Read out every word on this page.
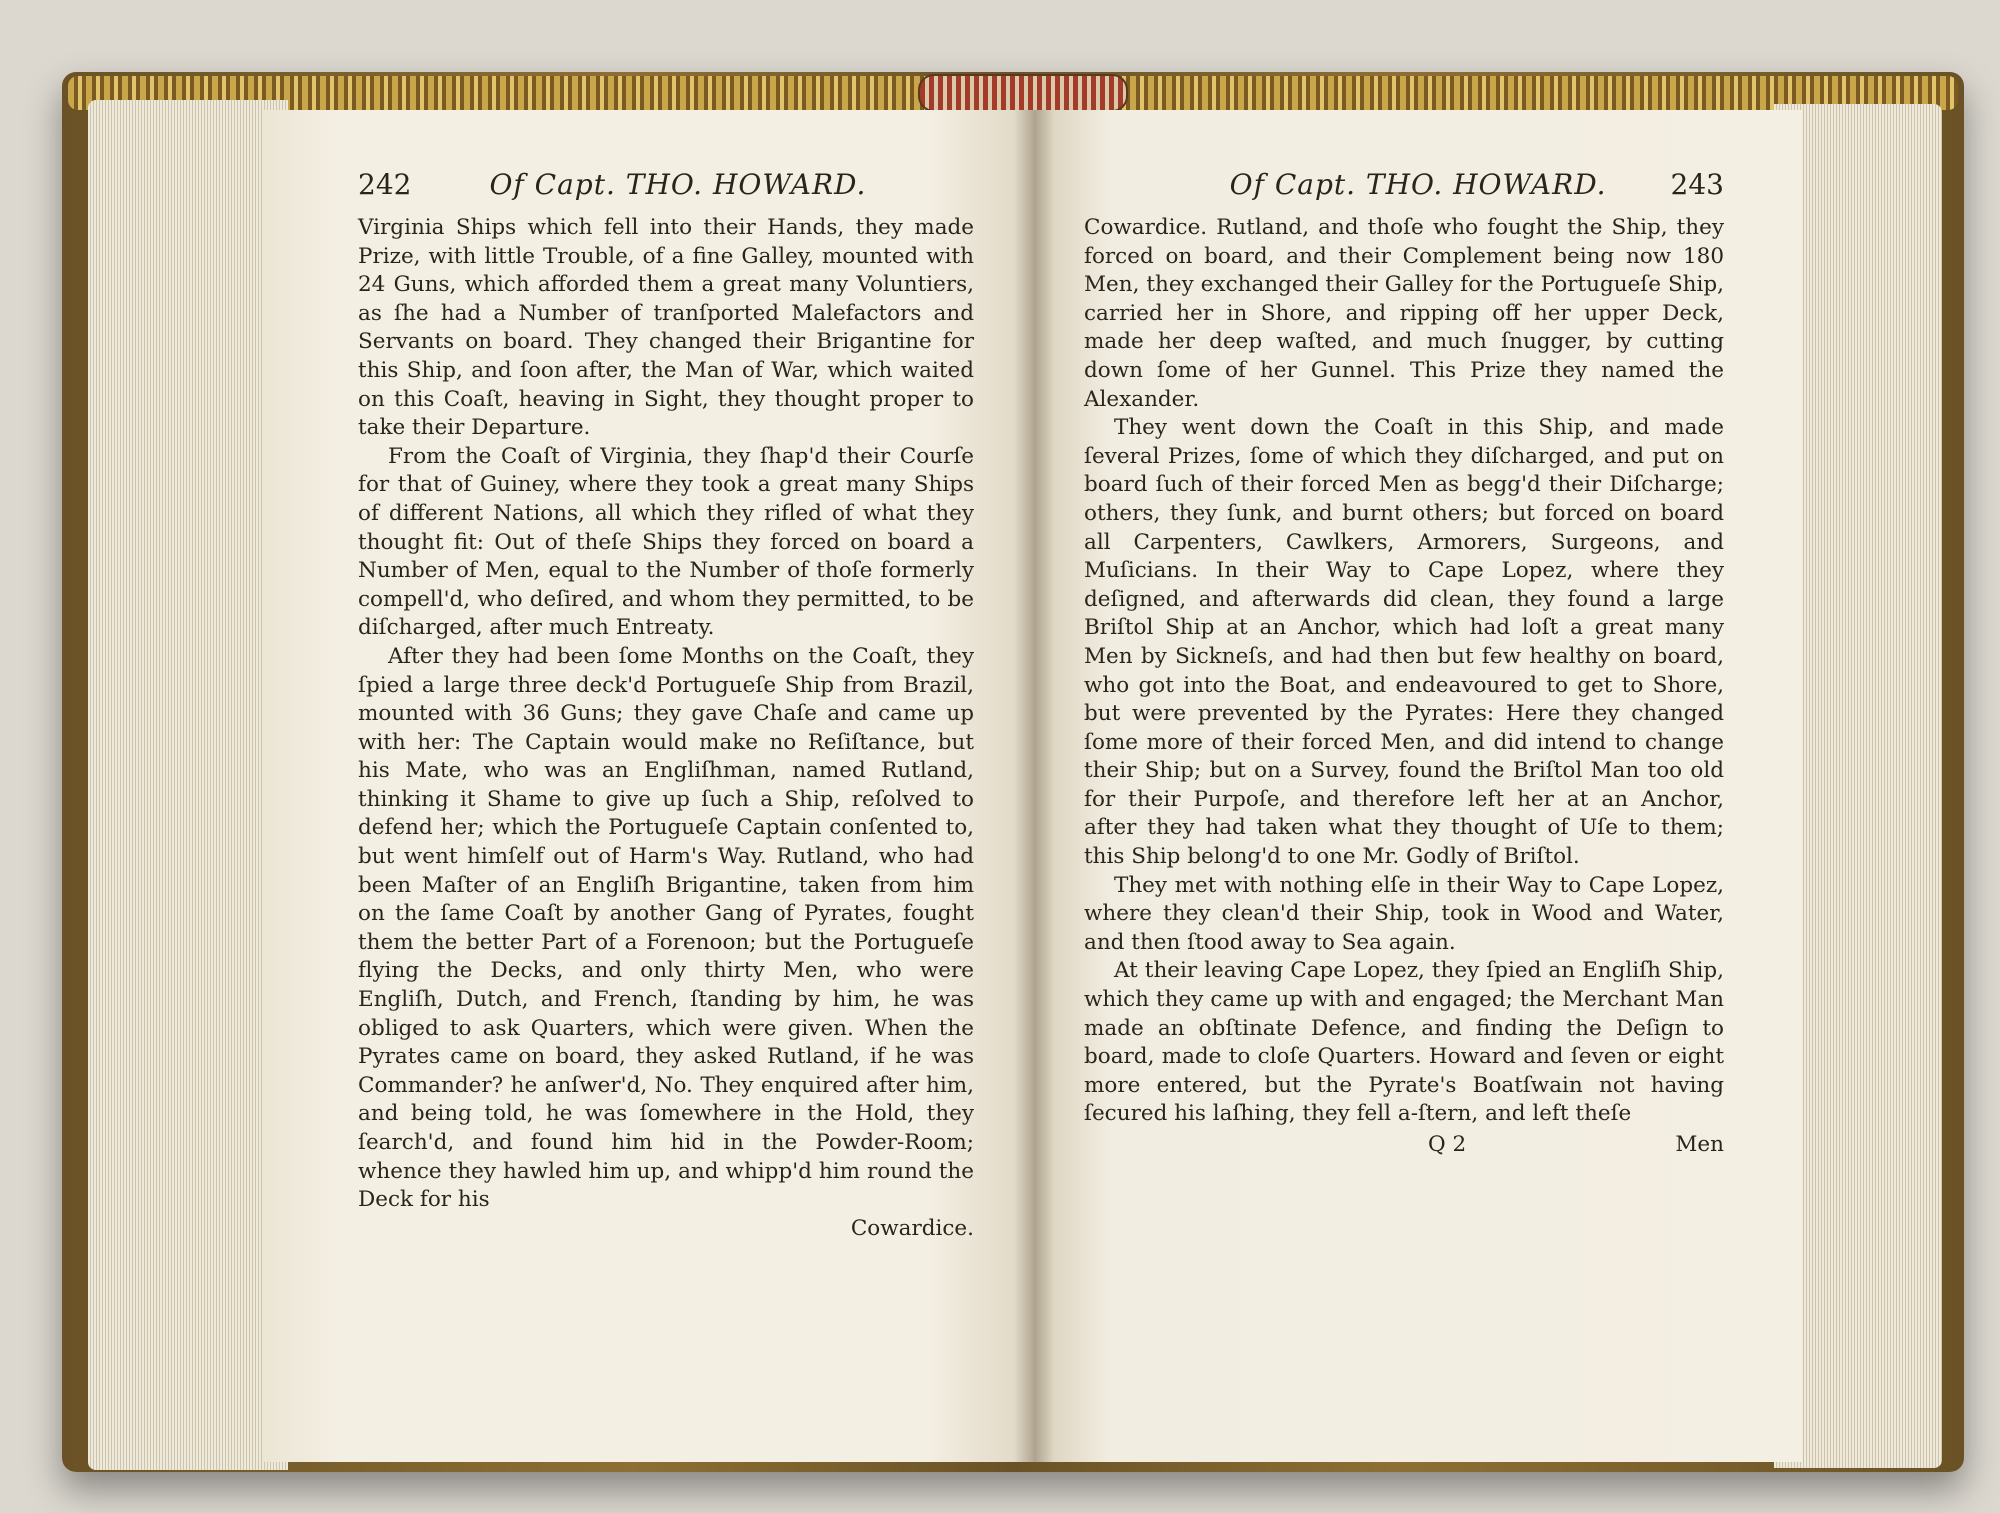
242	Of Capt. THO. HOWARD.

Virginia Ships which fell into their Hands, they made Prize, with little Trouble, of a fine Galley, mounted with 24 Guns, which afforded them a great many Voluntiers, as ſhe had a Number of tranſported Malefactors and Servants on board. They changed their Brigantine for this Ship, and ſoon after, the Man of War, which waited on this Coaſt, heaving in Sight, they thought proper to take their Departure.

From the Coaſt of Virginia, they ſhap'd their Courſe for that of Guiney, where they took a great many Ships of different Nations, all which they rifled of what they thought fit: Out of theſe Ships they forced on board a Number of Men, equal to the Number of thoſe formerly compell'd, who deſired, and whom they permitted, to be diſcharged, after much Entreaty.

After they had been ſome Months on the Coaſt, they ſpied a large three deck'd Portugueſe Ship from Brazil, mounted with 36 Guns; they gave Chaſe and came up with her: The Captain would make no Reſiſtance, but his Mate, who was an Engliſhman, named Rutland, thinking it Shame to give up ſuch a Ship, reſolved to defend her; which the Portugueſe Captain conſented to, but went himſelf out of Harm's Way. Rutland, who had been Maſter of an Engliſh Brigantine, taken from him on the ſame Coaſt by another Gang of Pyrates, fought them the better Part of a Forenoon; but the Portugueſe flying the Decks, and only thirty Men, who were Engliſh, Dutch, and French, ſtanding by him, he was obliged to ask Quarters, which were given. When the Pyrates came on board, they asked Rutland, if he was Commander? he anſwer'd, No. They enquired after him, and being told, he was ſomewhere in the Hold, they ſearch'd, and found him hid in the Powder-Room; whence they hawled him up, and whipp'd him round the Deck for his

Cowardice.
Of Capt. THO. HOWARD. 243

Cowardice. Rutland, and thoſe who fought the Ship, they forced on board, and their Complement being now 180 Men, they exchanged their Galley for the Portugueſe Ship, carried her in Shore, and ripping off her upper Deck, made her deep waſted, and much ſnugger, by cutting down ſome of her Gunnel. This Prize they named the Alexander.

They went down the Coaſt in this Ship, and made ſeveral Prizes, ſome of which they diſcharged, and put on board ſuch of their forced Men as begg'd their Diſcharge; others, they ſunk, and burnt others; but forced on board all Carpenters, Cawlkers, Armorers, Surgeons, and Muſicians. In their Way to Cape Lopez, where they deſigned, and afterwards did clean, they found a large Briſtol Ship at an Anchor, which had loſt a great many Men by Sickneſs, and had then but few healthy on board, who got into the Boat, and endeavoured to get to Shore, but were prevented by the Pyrates: Here they changed ſome more of their forced Men, and did intend to change their Ship; but on a Survey, found the Briſtol Man too old for their Purpoſe, and therefore left her at an Anchor, after they had taken what they thought of Uſe to them; this Ship belong'd to one Mr. Godly of Briſtol.

They met with nothing elſe in their Way to Cape Lopez, where they clean'd their Ship, took in Wood and Water, and then ſtood away to Sea again.

At their leaving Cape Lopez, they ſpied an Engliſh Ship, which they came up with and engaged; the Merchant Man made an obſtinate Defence, and finding the Deſign to board, made to cloſe Quarters. Howard and ſeven or eight more entered, but the Pyrate's Boatſwain not having ſecured his laſhing, they fell a-ſtern, and left theſe

Q 2	Men
